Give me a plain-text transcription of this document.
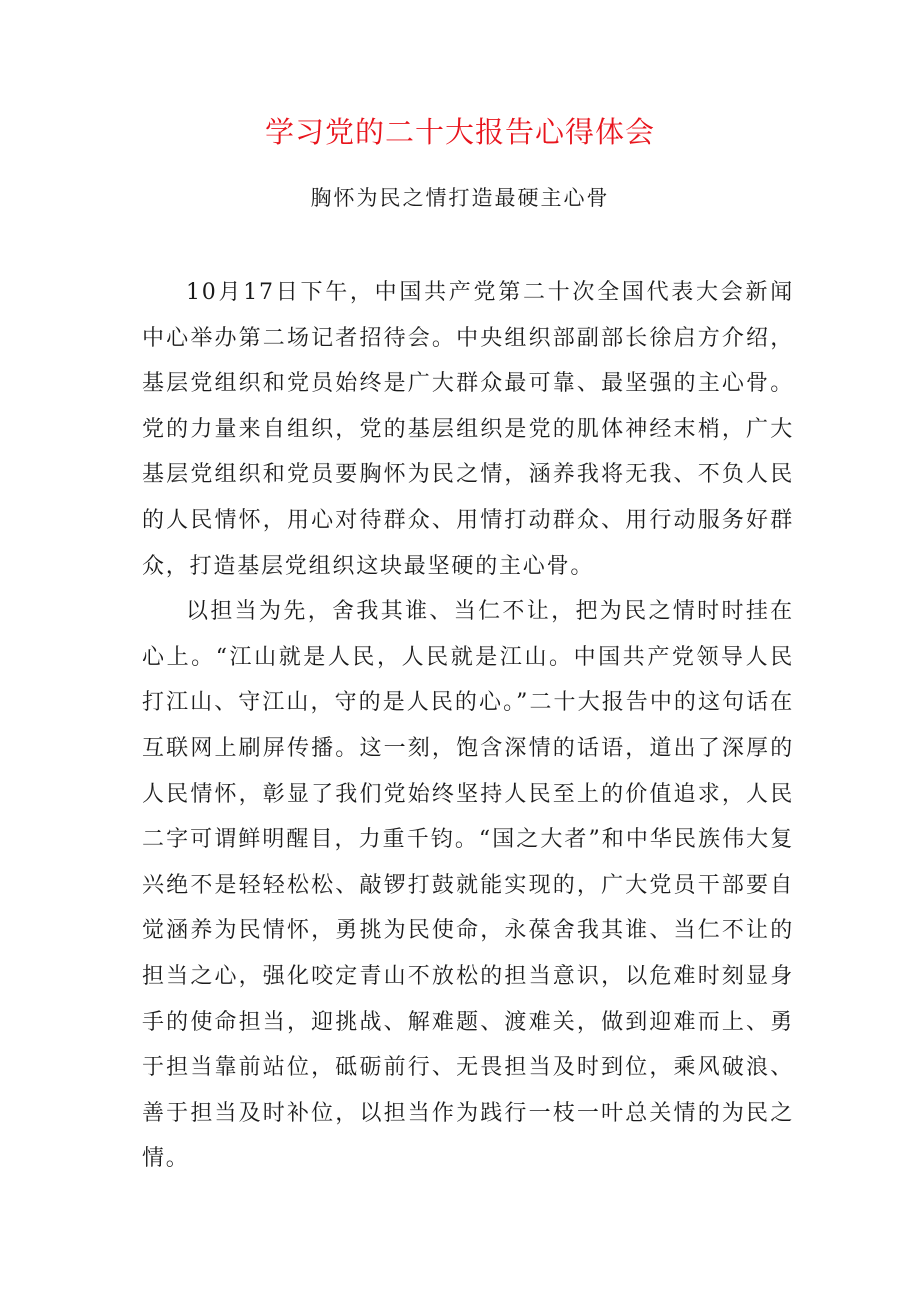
学习党的二十大报告心得体会

胸怀为民之情打造最硬主心骨

10月17日下午，中国共产党第二十次全国代表大会新闻中心举办第二场记者招待会。中央组织部副部长徐启方介绍，基层党组织和党员始终是广大群众最可靠、最坚强的主心骨。党的力量来自组织，党的基层组织是党的肌体神经末梢，广大基层党组织和党员要胸怀为民之情，涵养我将无我、不负人民的人民情怀，用心对待群众、用情打动群众、用行动服务好群众，打造基层党组织这块最坚硬的主心骨。

以担当为先，舍我其谁、当仁不让，把为民之情时时挂在心上。“江山就是人民，人民就是江山。中国共产党领导人民打江山、守江山，守的是人民的心。”二十大报告中的这句话在互联网上刷屏传播。这一刻，饱含深情的话语，道出了深厚的人民情怀，彰显了我们党始终坚持人民至上的价值追求，人民二字可谓鲜明醒目，力重千钧。“国之大者”和中华民族伟大复兴绝不是轻轻松松、敲锣打鼓就能实现的，广大党员干部要自觉涵养为民情怀，勇挑为民使命，永葆舍我其谁、当仁不让的担当之心，强化咬定青山不放松的担当意识，以危难时刻显身手的使命担当，迎挑战、解难题、渡难关，做到迎难而上、勇于担当靠前站位，砥砺前行、无畏担当及时到位，乘风破浪、善于担当及时补位，以担当作为践行一枝一叶总关情的为民之情。
